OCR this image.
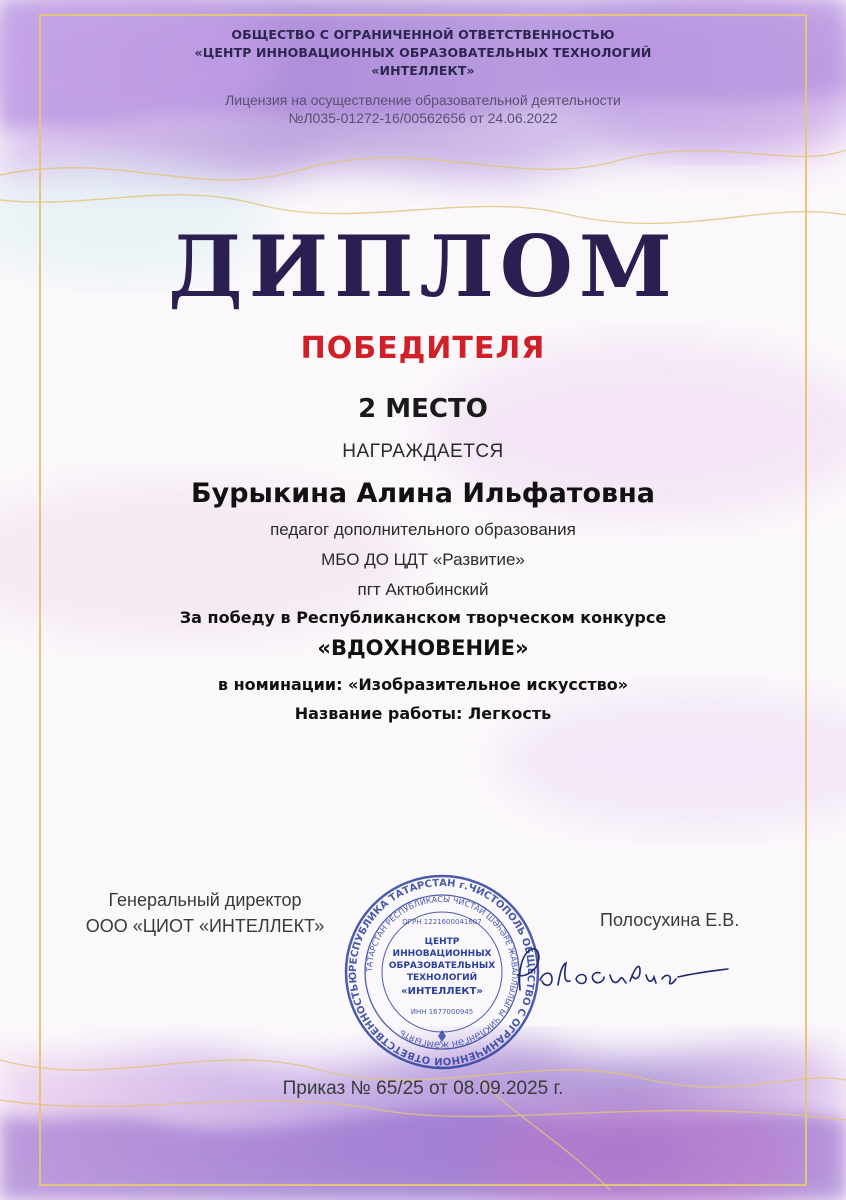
ОБЩЕСТВО С ОГРАНИЧЕННОЙ ОТВЕТСТВЕННОСТЬЮ

«ЦЕНТР ИННОВАЦИОННЫХ ОБРАЗОВАТЕЛЬНЫХ ТЕХНОЛОГИЙ

«ИНТЕЛЛЕКТ»

Лицензия на осуществление образовательной деятельности

№Л035-01272-16/00562656 от 24.06.2022

ДИПЛОМ

ПОБЕДИТЕЛЯ

2 МЕСТО

НАГРАЖДАЕТСЯ

Бурыкина Алина Ильфатовна

педагог дополнительного образования

МБО ДО ЦДТ «Развитие»

пгт Актюбинский

За победу в Республиканском творческом конкурсе

«ВДОХНОВЕНИЕ»

в номинации: «Изобразительное искусство»

Название работы: Легкость

Генеральный директор
ООО «ЦИОТ «ИНТЕЛЛЕКТ»	Полосухина Е.В.
РЕСПУБЛИКА ТАТАРСТАН г.ЧИСТОПОЛЬ ОБЩЕСТВО С ОГРАНИЧЕННОЙ ОТВЕТСТВЕННОСТЬЮ
ТАТАРСТАН РЕСПУБЛИКАСЫ ЧИСТАЙ ШӘҺӘРЕ ЖАВАПЛЫЛЫГЫ ЧИКЛӘНГӘН ҖӘМГЫЯТЬ
ОГРН 1221600041607
ЦЕНТР
ИННОВАЦИОННЫХ
ОБРАЗОВАТЕЛЬНЫХ
ТЕХНОЛОГИЙ
«ИНТЕЛЛЕКТ»
ИНН 1677000945

Приказ № 65/25 от 08.09.2025 г.
